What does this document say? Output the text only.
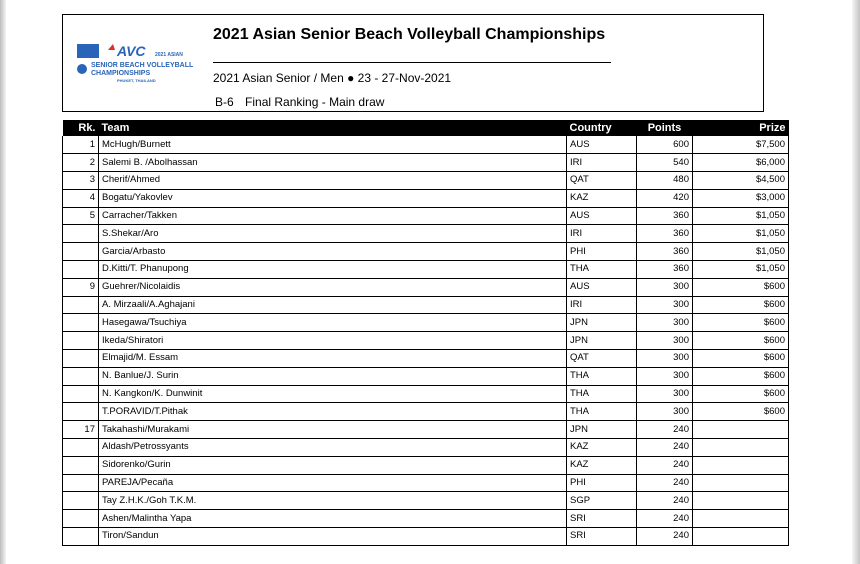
AVC 2021 ASIAN
SENIOR BEACH VOLLEYBALL
CHAMPIONSHIPS
PHUKET, THAILAND
2021 Asian Senior Beach Volleyball Championships
2021 Asian Senior / Men ● 23 - 27-Nov-2021
B-6 Final Ranking - Main draw
Rk.	Team	Country	Points	Prize
1	McHugh/Burnett	AUS	600	$7,500
2	Salemi B. /Abolhassan	IRI	540	$6,000
3	Cherif/Ahmed	QAT	480	$4,500
4	Bogatu/Yakovlev	KAZ	420	$3,000
5	Carracher/Takken	AUS	360	$1,050
	S.Shekar/Aro	IRI	360	$1,050
	Garcia/Arbasto	PHI	360	$1,050
	D.Kitti/T. Phanupong	THA	360	$1,050
9	Guehrer/Nicolaidis	AUS	300	$600
	A. Mirzaali/A.Aghajani	IRI	300	$600
	Hasegawa/Tsuchiya	JPN	300	$600
	Ikeda/Shiratori	JPN	300	$600
	Elmajid/M. Essam	QAT	300	$600
	N. Banlue/J. Surin	THA	300	$600
	N. Kangkon/K. Dunwinit	THA	300	$600
	T.PORAVID/T.Pithak	THA	300	$600
17	Takahashi/Murakami	JPN	240	
	Aldash/Petrossyants	KAZ	240	
	Sidorenko/Gurin	KAZ	240	
	PAREJA/Pecaña	PHI	240	
	Tay Z.H.K./Goh T.K.M.	SGP	240	
	Ashen/Malintha Yapa	SRI	240	
	Tiron/Sandun	SRI	240	
